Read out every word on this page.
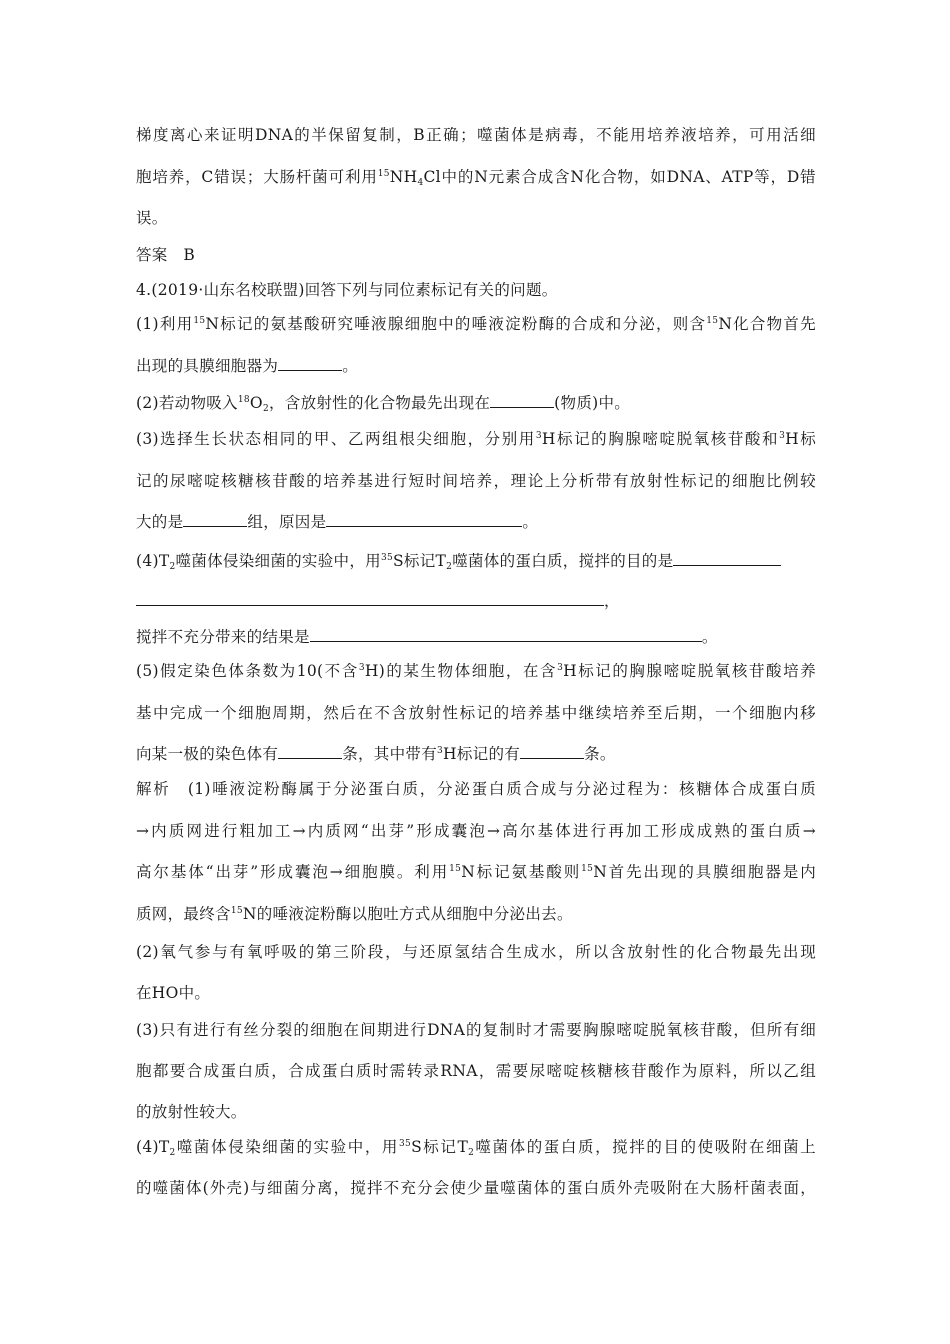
梯度离心来证明DNA的半保留复制，B正确；噬菌体是病毒，不能用培养液培养，可用活细
胞培养，C错误；大肠杆菌可利用$^{15}NH_4Cl$中的N元素合成含N化合物，如DNA、ATP等，D错
误。
答案　B
4.(2019·山东名校联盟)回答下列与同位素标记有关的问题。
(1)利用$^{15}$N标记的氨基酸研究唾液腺细胞中的唾液淀粉酶的合成和分泌，则含$^{15}$N化合物首先
出现的具膜细胞器为	。
(2)若动物吸入$^{18}O_2$，含放射性的化合物最先出现在	(物质)中。
(3)选择生长状态相同的甲、乙两组根尖细胞，分别用$^3$H标记的胸腺嘧啶脱氧核苷酸和$^3$H标
记的尿嘧啶核糖核苷酸的培养基进行短时间培养，理论上分析带有放射性标记的细胞比例较
大的是	组，原因是	。
$(4)T_2$噬菌体侵染细菌的实验中，用$^{35}$S标记$T_2$噬菌体的蛋白质，搅拌的目的是
，
搅拌不充分带来的结果是	。
(5)假定染色体条数为10(不含$^3$H)的某生物体细胞，在含$^3$H标记的胸腺嘧啶脱氧核苷酸培养
基中完成一个细胞周期，然后在不含放射性标记的培养基中继续培养至后期，一个细胞内移
向某一极的染色体有	条，其中带有$^3$H标记的有	条。
解析　(1)唾液淀粉酶属于分泌蛋白质，分泌蛋白质合成与分泌过程为：核糖体合成蛋白质
→内质网进行粗加工→内质网“出芽”形成囊泡→高尔基体进行再加工形成成熟的蛋白质→
高尔基体“出芽”形成囊泡→细胞膜。利用$^{15}$N标记氨基酸则$^{15}$N首先出现的具膜细胞器是内
质网，最终含$^{15}$N的唾液淀粉酶以胞吐方式从细胞中分泌出去。
(2)氧气参与有氧呼吸的第三阶段，与还原氢结合生成水，所以含放射性的化合物最先出现
在HO中。
(3)只有进行有丝分裂的细胞在间期进行DNA的复制时才需要胸腺嘧啶脱氧核苷酸，但所有细
胞都要合成蛋白质，合成蛋白质时需转录RNA，需要尿嘧啶核糖核苷酸作为原料，所以乙组
的放射性较大。
$(4)T_2$噬菌体侵染细菌的实验中，用$^{35}$S标记$T_2$噬菌体的蛋白质，搅拌的目的使吸附在细菌上
的噬菌体(外壳)与细菌分离，搅拌不充分会使少量噬菌体的蛋白质外壳吸附在大肠杆菌表面，
